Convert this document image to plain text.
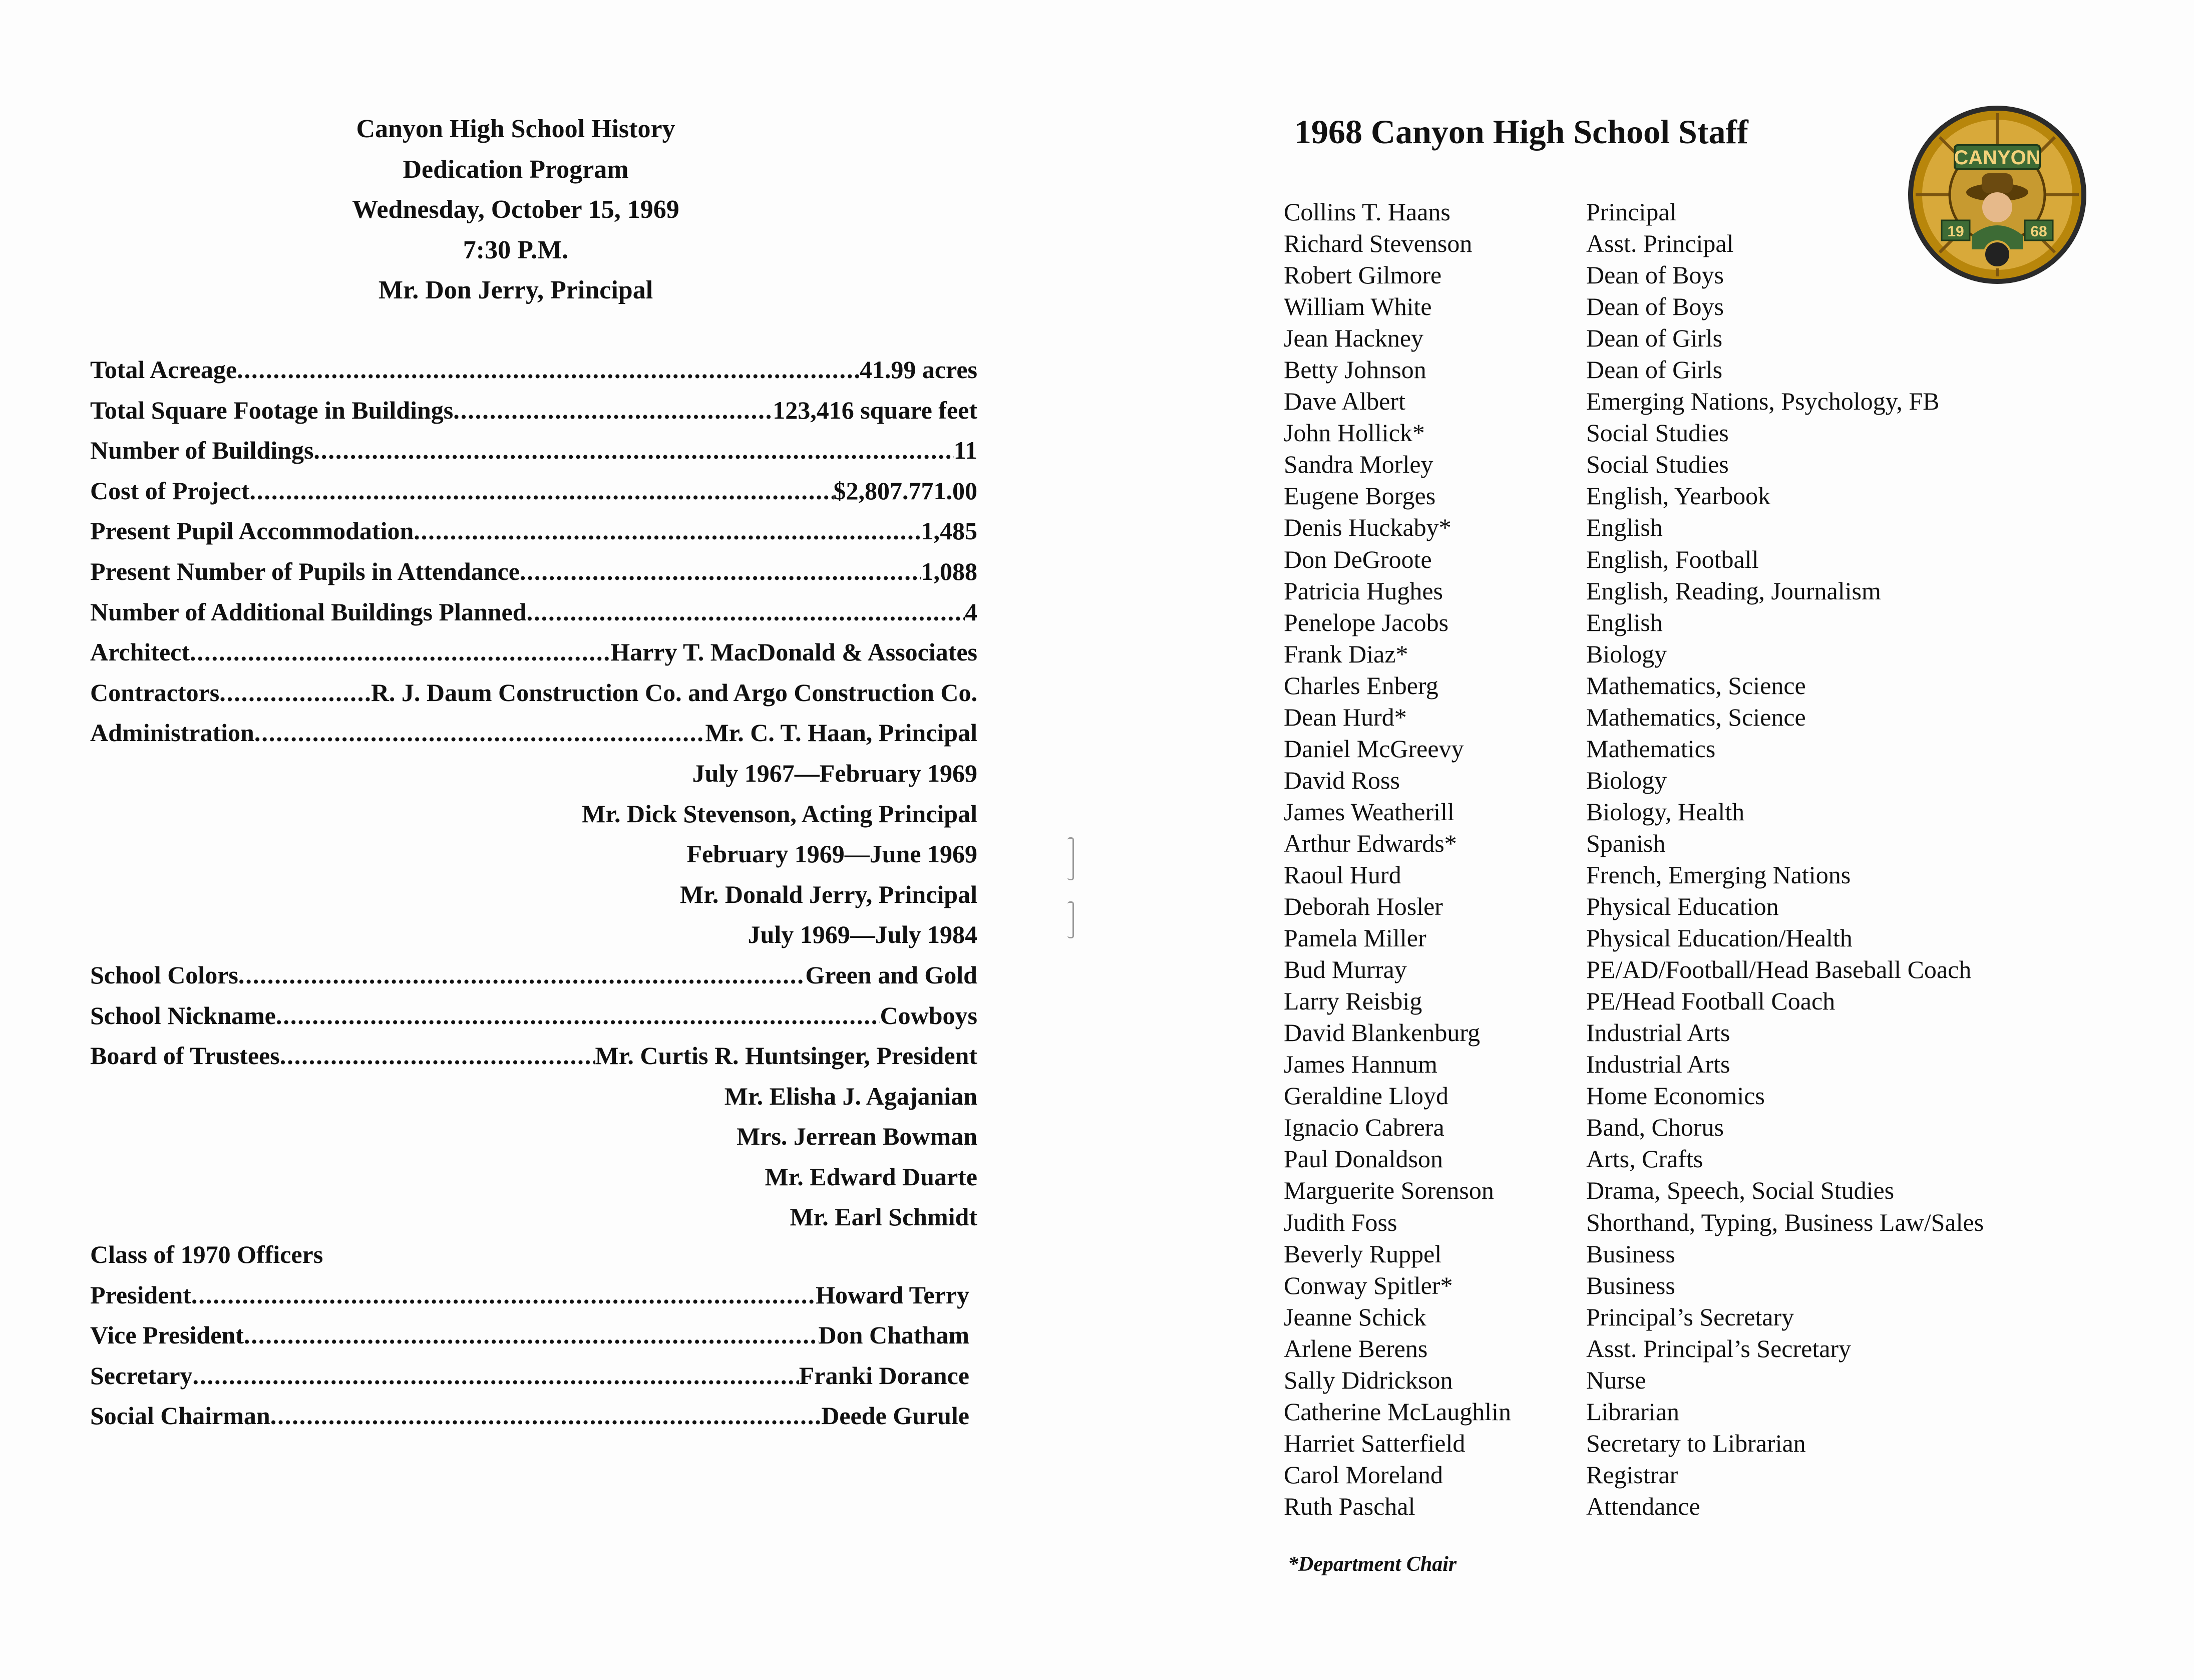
Canyon High School History
Dedication Program
Wednesday, October 15, 1969
7:30 P.M.
Mr. Don Jerry, Principal
Total Acreage .....	41.99 acres
Total Square Footage in Buildings .....	123,416 square feet
Number of Buildings .....	11
Cost of Project .....	$2,807.771.00
Present Pupil Accommodation .....	1,485
Present Number of Pupils in Attendance .....	1,088
Number of Additional Buildings Planned .....	4
Architect .....	Harry T. MacDonald & Associates
Contractors .....	R. J. Daum Construction Co. and Argo Construction Co.
Administration .....	Mr. C. T. Haan, Principal
July 1967—February 1969
Mr. Dick Stevenson, Acting Principal
February 1969—June 1969
Mr. Donald Jerry, Principal
July 1969—July 1984
School Colors .....	Green and Gold
School Nickname .....	Cowboys
Board of Trustees .....	Mr. Curtis R. Huntsinger, President
Mr. Elisha J. Agajanian
Mrs. Jerrean Bowman
Mr. Edward Duarte
Mr. Earl Schmidt
Class of 1970 Officers
President .....	Howard Terry
Vice President .....	Don Chatham
Secretary .....	Franki Dorance
Social Chairman .....	Deede Gurule
1968 Canyon High School Staff
CANYON
19	68
Collins T. Haans	Principal
Richard Stevenson	Asst. Principal
Robert Gilmore	Dean of Boys
William White	Dean of Boys
Jean Hackney	Dean of Girls
Betty Johnson	Dean of Girls
Dave Albert	Emerging Nations, Psychology, FB
John Hollick*	Social Studies
Sandra Morley	Social Studies
Eugene Borges	English, Yearbook
Denis Huckaby*	English
Don DeGroote	English, Football
Patricia Hughes	English, Reading, Journalism
Penelope Jacobs	English
Frank Diaz*	Biology
Charles Enberg	Mathematics, Science
Dean Hurd*	Mathematics, Science
Daniel McGreevy	Mathematics
David Ross	Biology
James Weatherill	Biology, Health
Arthur Edwards*	Spanish
Raoul Hurd	French, Emerging Nations
Deborah Hosler	Physical Education
Pamela Miller	Physical Education/Health
Bud Murray	PE/AD/Football/Head Baseball Coach
Larry Reisbig	PE/Head Football Coach
David Blankenburg	Industrial Arts
James Hannum	Industrial Arts
Geraldine Lloyd	Home Economics
Ignacio Cabrera	Band, Chorus
Paul Donaldson	Arts, Crafts
Marguerite Sorenson	Drama, Speech, Social Studies
Judith Foss	Shorthand, Typing, Business Law/Sales
Beverly Ruppel	Business
Conway Spitler*	Business
Jeanne Schick	Principal’s Secretary
Arlene Berens	Asst. Principal’s Secretary
Sally Didrickson	Nurse
Catherine McLaughlin	Librarian
Harriet Satterfield	Secretary to Librarian
Carol Moreland	Registrar
Ruth Paschal	Attendance
*Department Chair
